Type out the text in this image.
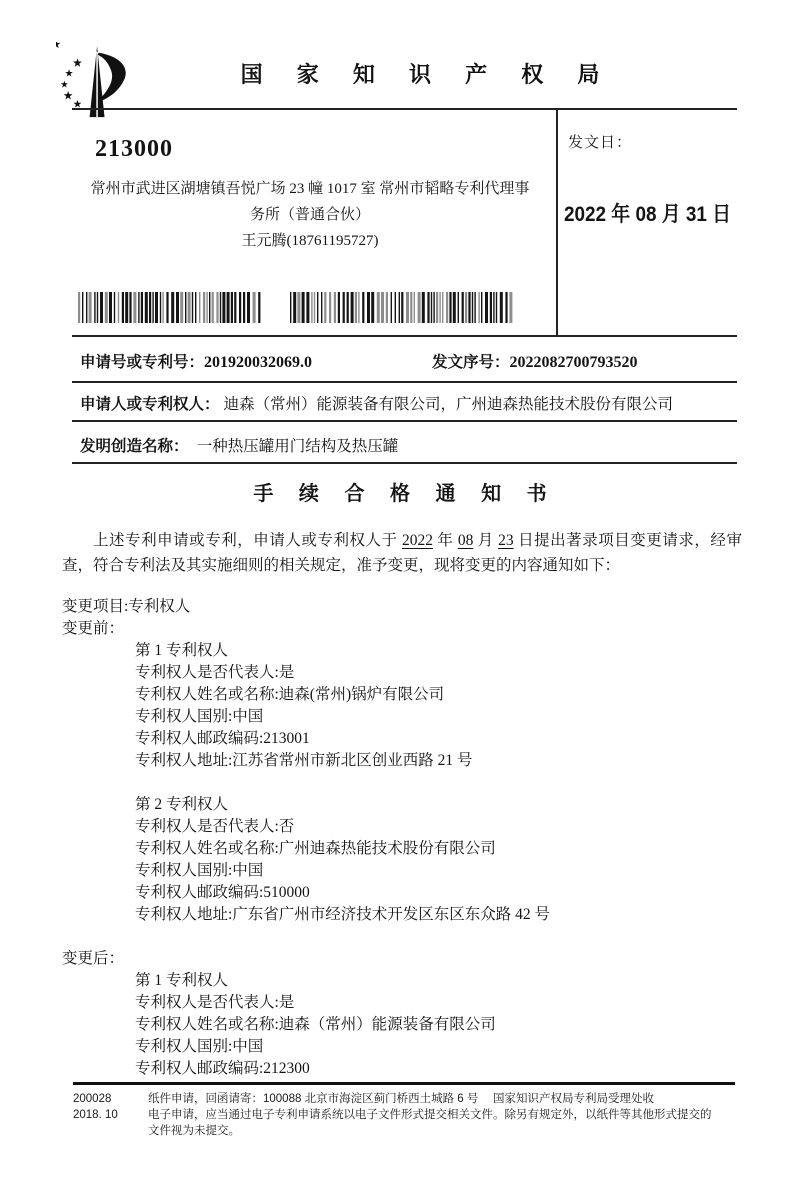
国 家 知 识 产 权 局
213000
常州市武进区湖塘镇吾悦广场 23 幢 1017 室 常州市韬略专利代理事
务所（普通合伙）
王元腾(18761195727)
发文日：
2022 年 08 月 31 日
申请号或专利号：201920032069.0	发文序号：2022082700793520
申请人或专利权人： 迪森（常州）能源装备有限公司，广州迪森热能技术股份有限公司
发明创造名称：　 一种热压罐用门结构及热压罐
手 续 合 格 通 知 书
上述专利申请或专利，申请人或专利权人于 2022 年 08 月 23 日提出著录项目变更请求，经审查，符合专利法及其实施细则的相关规定，准予变更，现将变更的内容通知如下：
变更项目:专利权人
变更前：
第 1 专利权人
专利权人是否代表人:是
专利权人姓名或名称:迪森(常州)锅炉有限公司
专利权人国别:中国
专利权人邮政编码:213001
专利权人地址:江苏省常州市新北区创业西路 21 号
第 2 专利权人
专利权人是否代表人:否
专利权人姓名或名称:广州迪森热能技术股份有限公司
专利权人国别:中国
专利权人邮政编码:510000
专利权人地址:广东省广州市经济技术开发区东区东众路 42 号
变更后：
第 1 专利权人
专利权人是否代表人:是
专利权人姓名或名称:迪森（常州）能源装备有限公司
专利权人国别:中国
专利权人邮政编码:212300
200028
2018. 10
纸件申请，回函请寄：100088 北京市海淀区蓟门桥西土城路 6 号　 国家知识产权局专利局受理处收
电子申请，应当通过电子专利申请系统以电子文件形式提交相关文件。除另有规定外，以纸件等其他形式提交的
文件视为未提交。
